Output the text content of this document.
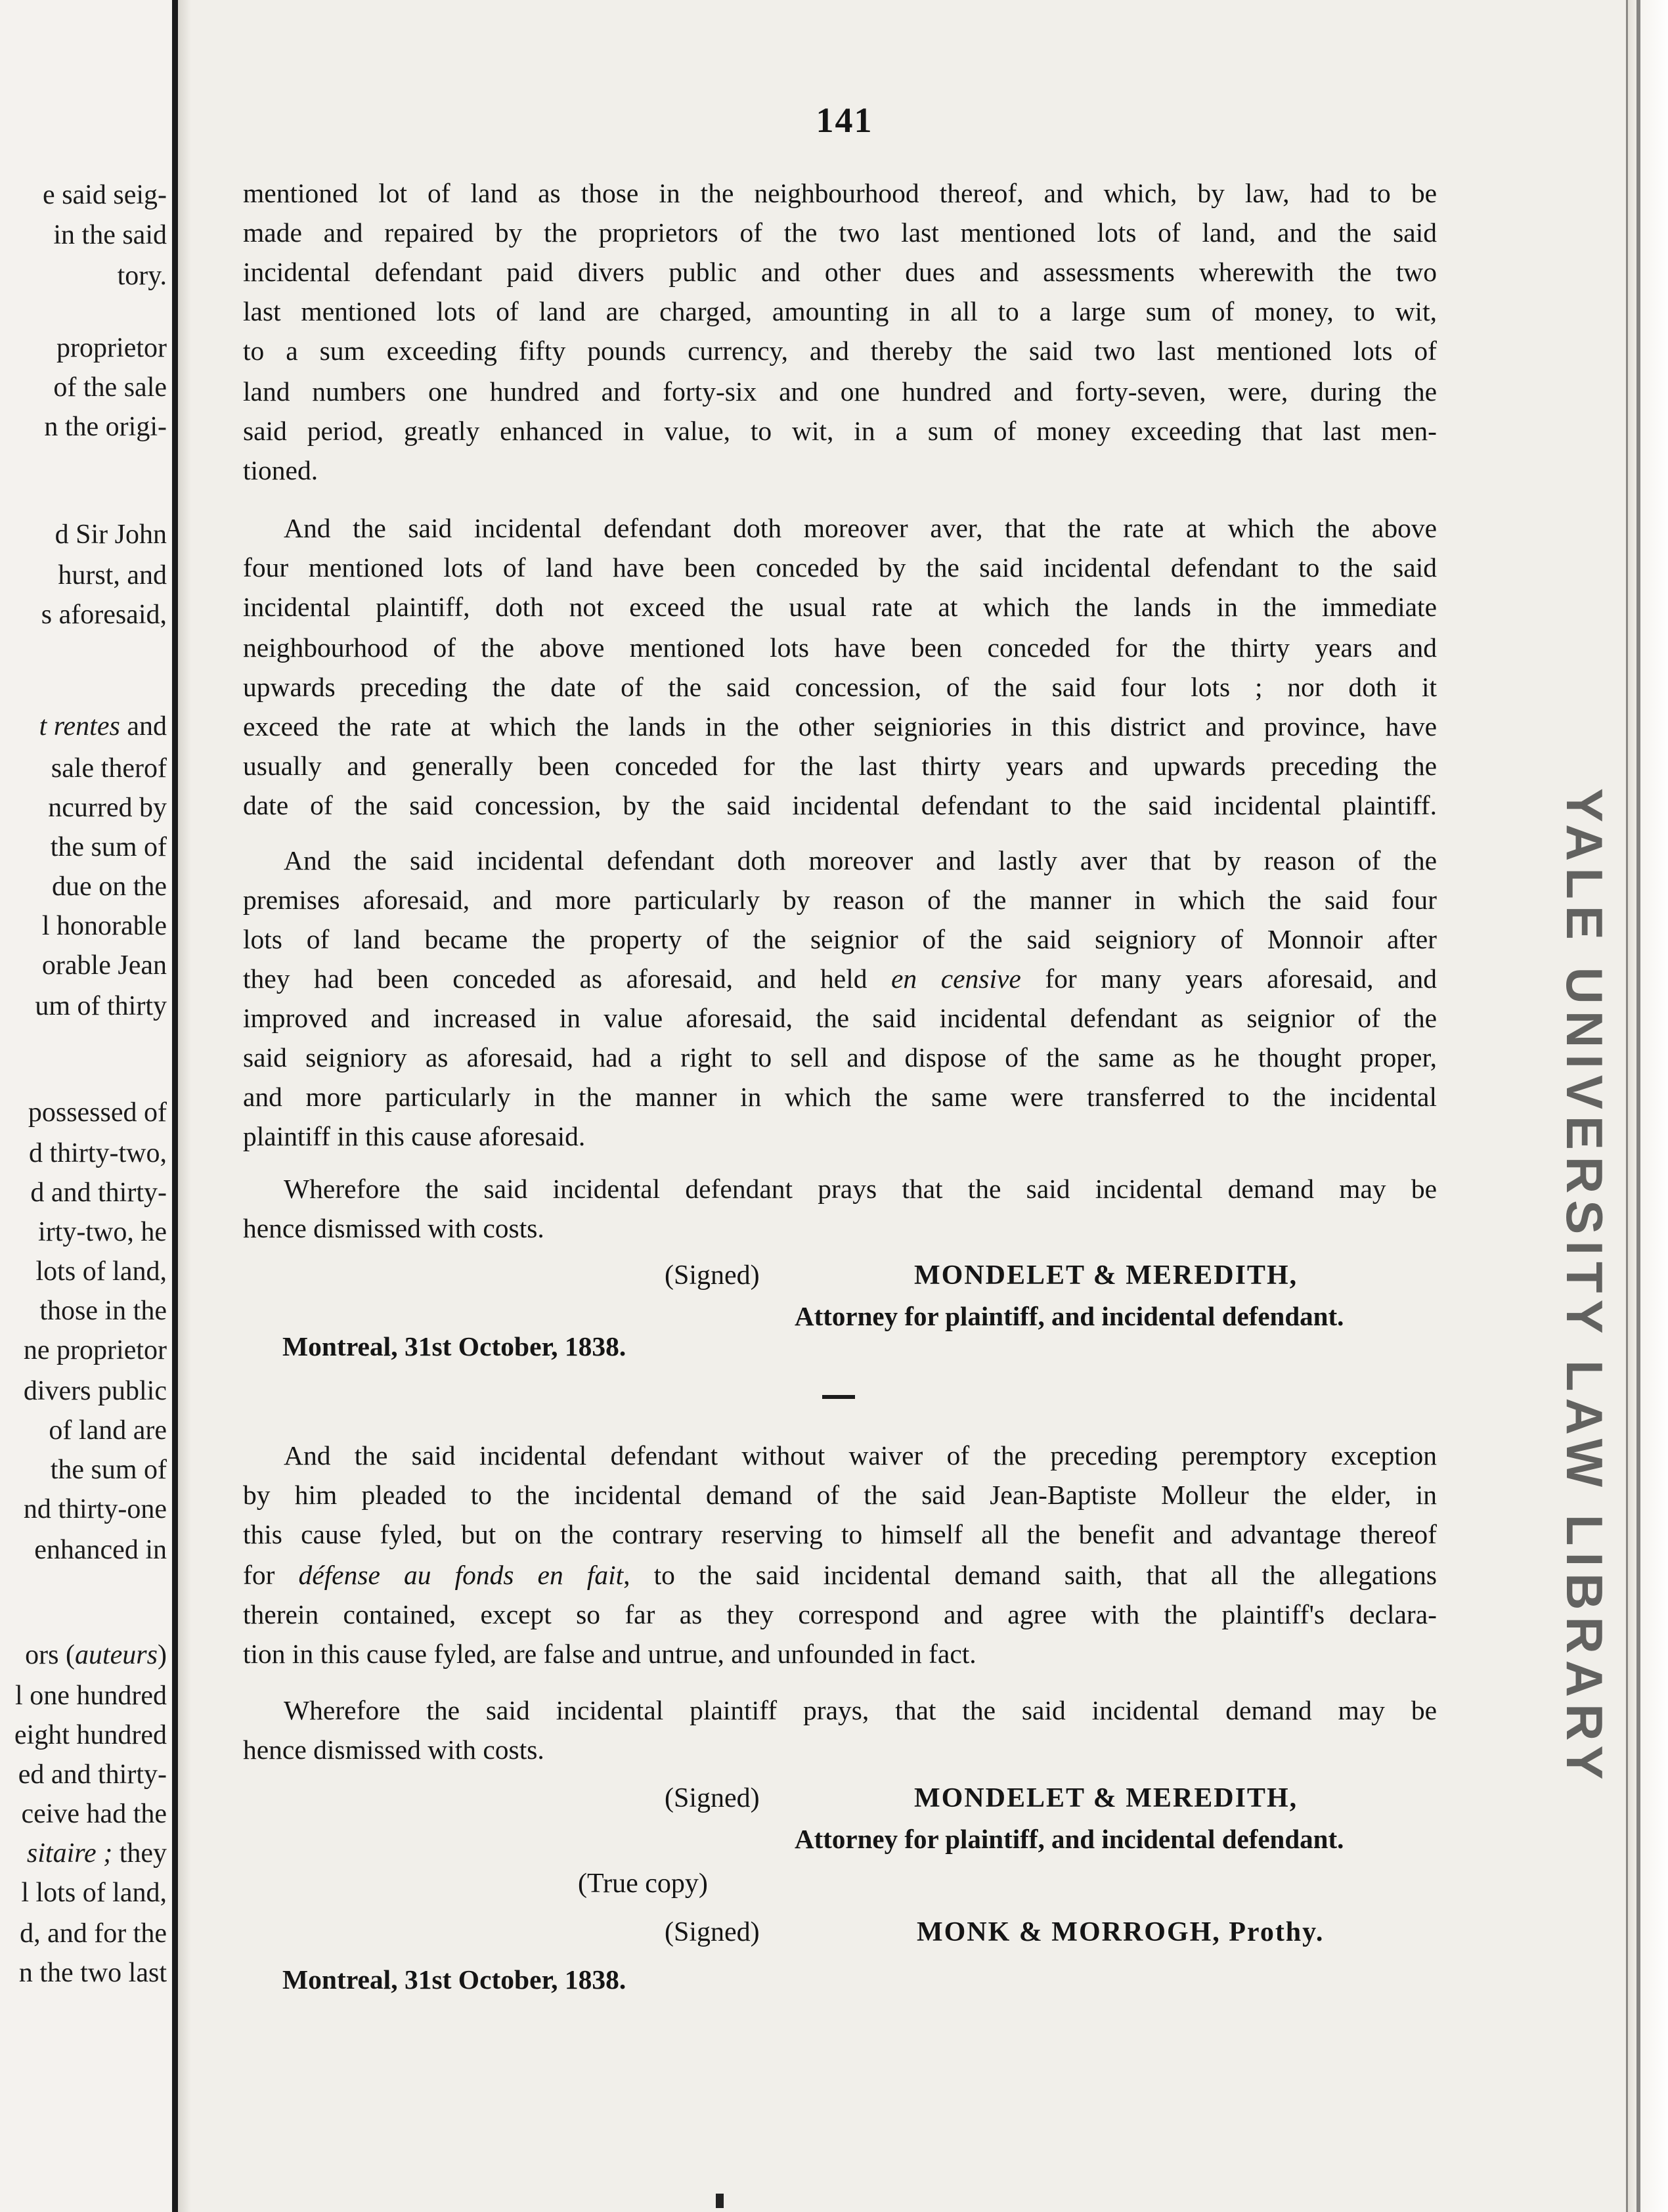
e said seig-
in the said
tory.
proprietor
of the sale
n the origi-
d Sir John
hurst, and
s aforesaid,
t rentes and
sale therof
ncurred by
the sum of
due on the
l honorable
orable Jean
um of thirty
possessed of
d thirty-two,
d and thirty-
irty-two, he
lots of land,
those in the
ne proprietor
divers public
of land are
the sum of
nd thirty-one
enhanced in
ors (auteurs)
l one hundred
eight hundred
ed and thirty-
ceive had the
sitaire ; they
l lots of land,
d, and for the
n the two last
YALE UNIVERSITY LAW LIBRARY
141
mentioned lot of land as those in the neighbourhood thereof, and which, by law, had to be
made and repaired by the proprietors of the two last mentioned lots of land, and the said
incidental defendant paid divers public and other dues and assessments wherewith the two
last mentioned lots of land are charged, amounting in all to a large sum of money, to wit,
to a sum exceeding fifty pounds currency, and thereby the said two last mentioned lots of
land numbers one hundred and forty-six and one hundred and forty-seven, were, during the
said period, greatly enhanced in value, to wit, in a sum of money exceeding that last men-
tioned.
And the said incidental defendant doth moreover aver, that the rate at which the above
four mentioned lots of land have been conceded by the said incidental defendant to the said
incidental plaintiff, doth not exceed the usual rate at which the lands in the immediate
neighbourhood of the above mentioned lots have been conceded for the thirty years and
upwards preceding the date of the said concession, of the said four lots ; nor doth it
exceed the rate at which the lands in the other seigniories in this district and province, have
usually and generally been conceded for the last thirty years and upwards preceding the
date of the said concession, by the said incidental defendant to the said incidental plaintiff.
And the said incidental defendant doth moreover and lastly aver that by reason of the
premises aforesaid, and more particularly by reason of the manner in which the said four
lots of land became the property of the seignior of the said seigniory of Monnoir after
they had been conceded as aforesaid, and held en censive for many years aforesaid, and
improved and increased in value aforesaid, the said incidental defendant as seignior of the
said seigniory as aforesaid, had a right to sell and dispose of the same as he thought proper,
and more particularly in the manner in which the same were transferred to the incidental
plaintiff in this cause aforesaid.
Wherefore the said incidental defendant prays that the said incidental demand may be
hence dismissed with costs.
(Signed)	MONDELET & MEREDITH,
Attorney for plaintiff, and incidental defendant.
Montreal, 31st October, 1838.
And the said incidental defendant without waiver of the preceding peremptory exception
by him pleaded to the incidental demand of the said Jean-Baptiste Molleur the elder, in
this cause fyled, but on the contrary reserving to himself all the benefit and advantage thereof
for défense au fonds en fait, to the said incidental demand saith, that all the allegations
therein contained, except so far as they correspond and agree with the plaintiff's declara-
tion in this cause fyled, are false and untrue, and unfounded in fact.
Wherefore the said incidental plaintiff prays, that the said incidental demand may be
hence dismissed with costs.
(Signed)	MONDELET & MEREDITH,
Attorney for plaintiff, and incidental defendant.
(True copy)
(Signed)	MONK & MORROGH, Prothy.
Montreal, 31st October, 1838.
